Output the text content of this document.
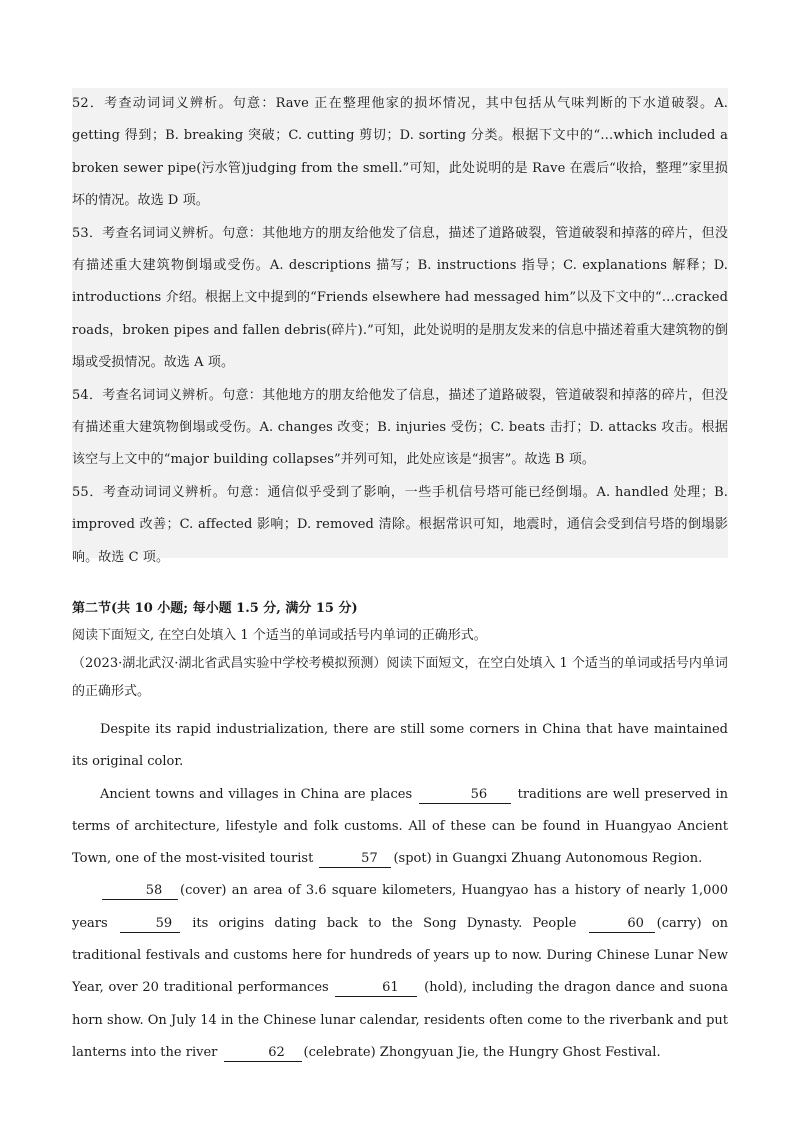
52．考查动词词义辨析。句意：Rave 正在整理他家的损坏情况，其中包括从气味判断的下水道破裂。A. getting 得到；B. breaking 突破；C. cutting 剪切；D. sorting 分类。根据下文中的“…which included a broken sewer pipe(污水管)judging from the smell.”可知，此处说明的是 Rave 在震后“收拾，整理”家里损坏的情况。故选 D 项。

53．考查名词词义辨析。句意：其他地方的朋友给他发了信息，描述了道路破裂，管道破裂和掉落的碎片，但没有描述重大建筑物倒塌或受伤。A. descriptions 描写；B. instructions 指导；C. explanations 解释；D. introductions 介绍。根据上文中提到的“Friends elsewhere had messaged him”以及下文中的“…cracked roads，broken pipes and fallen debris(碎片).”可知，此处说明的是朋友发来的信息中描述着重大建筑物的倒塌或受损情况。故选 A 项。

54．考查名词词义辨析。句意：其他地方的朋友给他发了信息，描述了道路破裂，管道破裂和掉落的碎片，但没有描述重大建筑物倒塌或受伤。A. changes 改变；B. injuries 受伤；C. beats 击打；D. attacks 攻击。根据该空与上文中的“major building collapses”并列可知，此处应该是“损害”。故选 B 项。

55．考查动词词义辨析。句意：通信似乎受到了影响，一些手机信号塔可能已经倒塌。A. handled 处理；B. improved 改善；C. affected 影响；D. removed 清除。根据常识可知，地震时，通信会受到信号塔的倒塌影响。故选 C 项。

第二节(共 10 小题; 每小题 1.5 分, 满分 15 分)

阅读下面短文, 在空白处填入 1 个适当的单词或括号内单词的正确形式。

（2023·湖北武汉·湖北省武昌实验中学校考模拟预测）阅读下面短文，在空白处填入 1 个适当的单词或括号内单词的正确形式。

Despite its rapid industrialization, there are still some corners in China that have maintained its original color.

Ancient towns and villages in China are places	56 traditions are well preserved in terms of architecture, lifestyle and folk customs. All of these can be found in Huangyao Ancient Town, one of the most-visited tourist	57 (spot) in Guangxi Zhuang Autonomous Region.

58 (cover) an area of 3.6 square kilometers, Huangyao has a history of nearly 1,000 years	59 its origins dating back to the Song Dynasty. People	60 (carry) on traditional festivals and customs here for hundreds of years up to now. During Chinese Lunar New Year, over 20 traditional performances	61 (hold), including the dragon dance and suona horn show. On July 14 in the Chinese lunar calendar, residents often come to the riverbank and put lanterns into the river	62 (celebrate) Zhongyuan Jie, the Hungry Ghost Festival.
